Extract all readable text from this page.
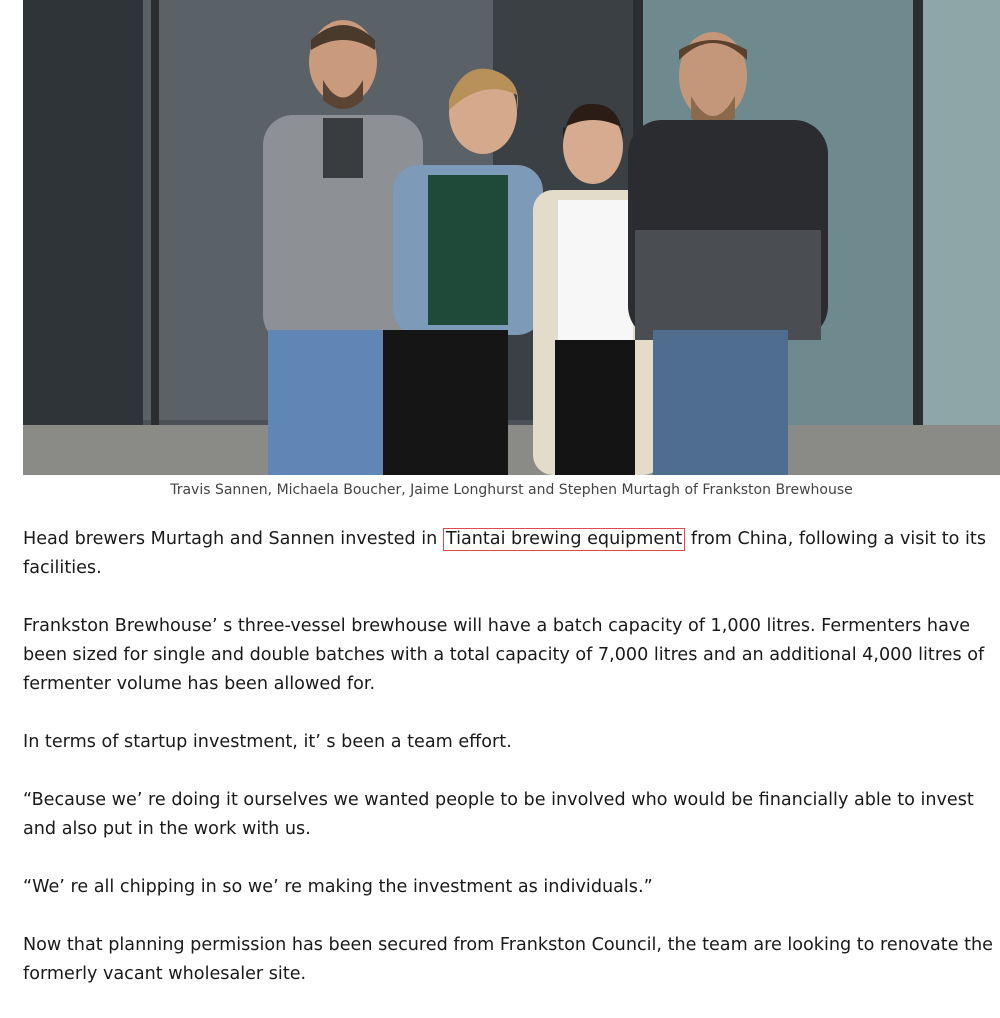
Travis Sannen, Michaela Boucher, Jaime Longhurst and Stephen Murtagh of Frankston Brewhouse

Head brewers Murtagh and Sannen invested in Tiantai brewing equipment from China, following a visit to its facilities.

Frankston Brewhouse’ s three-vessel brewhouse will have a batch capacity of 1,000 litres. Fermenters have been sized for single and double batches with a total capacity of 7,000 litres and an additional 4,000 litres of fermenter volume has been allowed for.

In terms of startup investment, it’ s been a team effort.

“Because we’ re doing it ourselves we wanted people to be involved who would be financially able to invest and also put in the work with us.

“We’ re all chipping in so we’ re making the investment as individuals.”

Now that planning permission has been secured from Frankston Council, the team are looking to renovate the formerly vacant wholesaler site.
